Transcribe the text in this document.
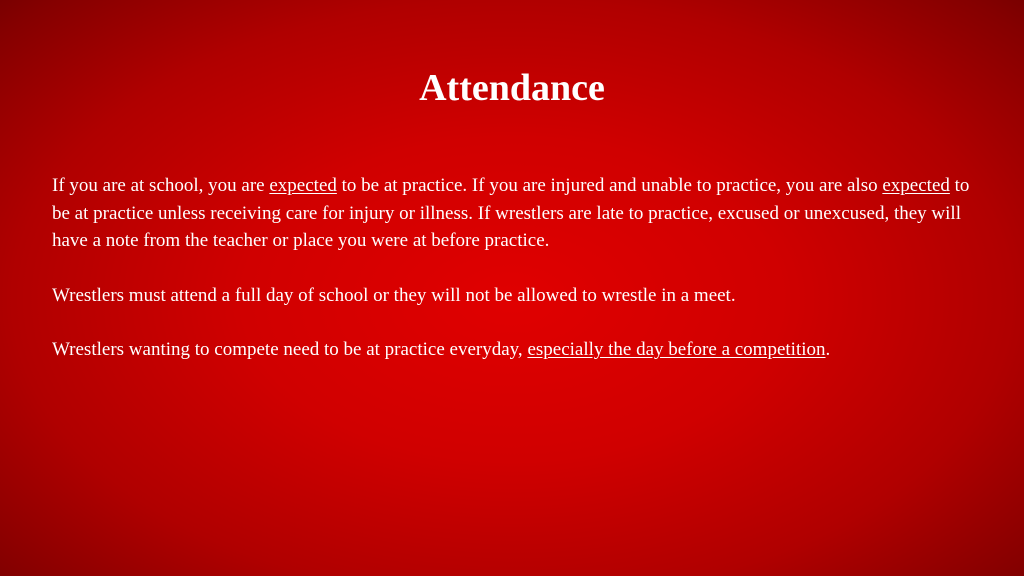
Attendance

If you are at school, you are expected to be at practice. If you are injured and unable to practice, you are also expected to be at practice unless receiving care for injury or illness. If wrestlers are late to practice, excused or unexcused, they will have a note from the teacher or place you were at before practice.

Wrestlers must attend a full day of school or they will not be allowed to wrestle in a meet.

Wrestlers wanting to compete need to be at practice everyday, especially the day before a competition.
